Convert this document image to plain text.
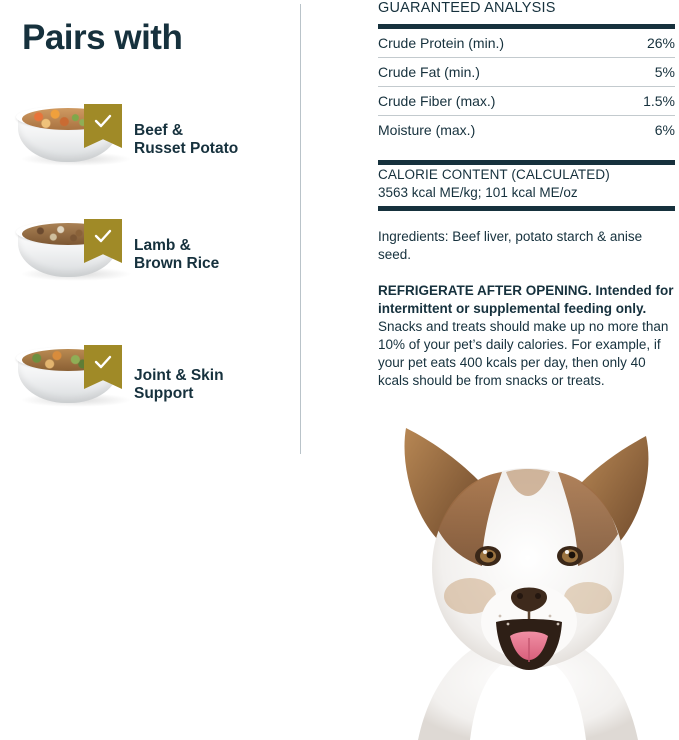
Pairs with
Beef &
Russet Potato
Lamb &
Brown Rice
Joint & Skin
Support
GUARANTEED ANALYSIS
Crude Protein (min.)	26%
Crude Fat (min.)	5%
Crude Fiber (max.)	1.5%
Moisture (max.)	6%
CALORIE CONTENT (CALCULATED)
3563 kcal ME/kg; 101 kcal ME/oz
Ingredients: Beef liver, potato starch & anise seed.
REFRIGERATE AFTER OPENING. Intended for intermittent or supplemental feeding only. Snacks and treats should make up no more than 10% of your pet’s daily calories. For example, if your pet eats 400 kcals per day, then only 40 kcals should be from snacks or treats.
